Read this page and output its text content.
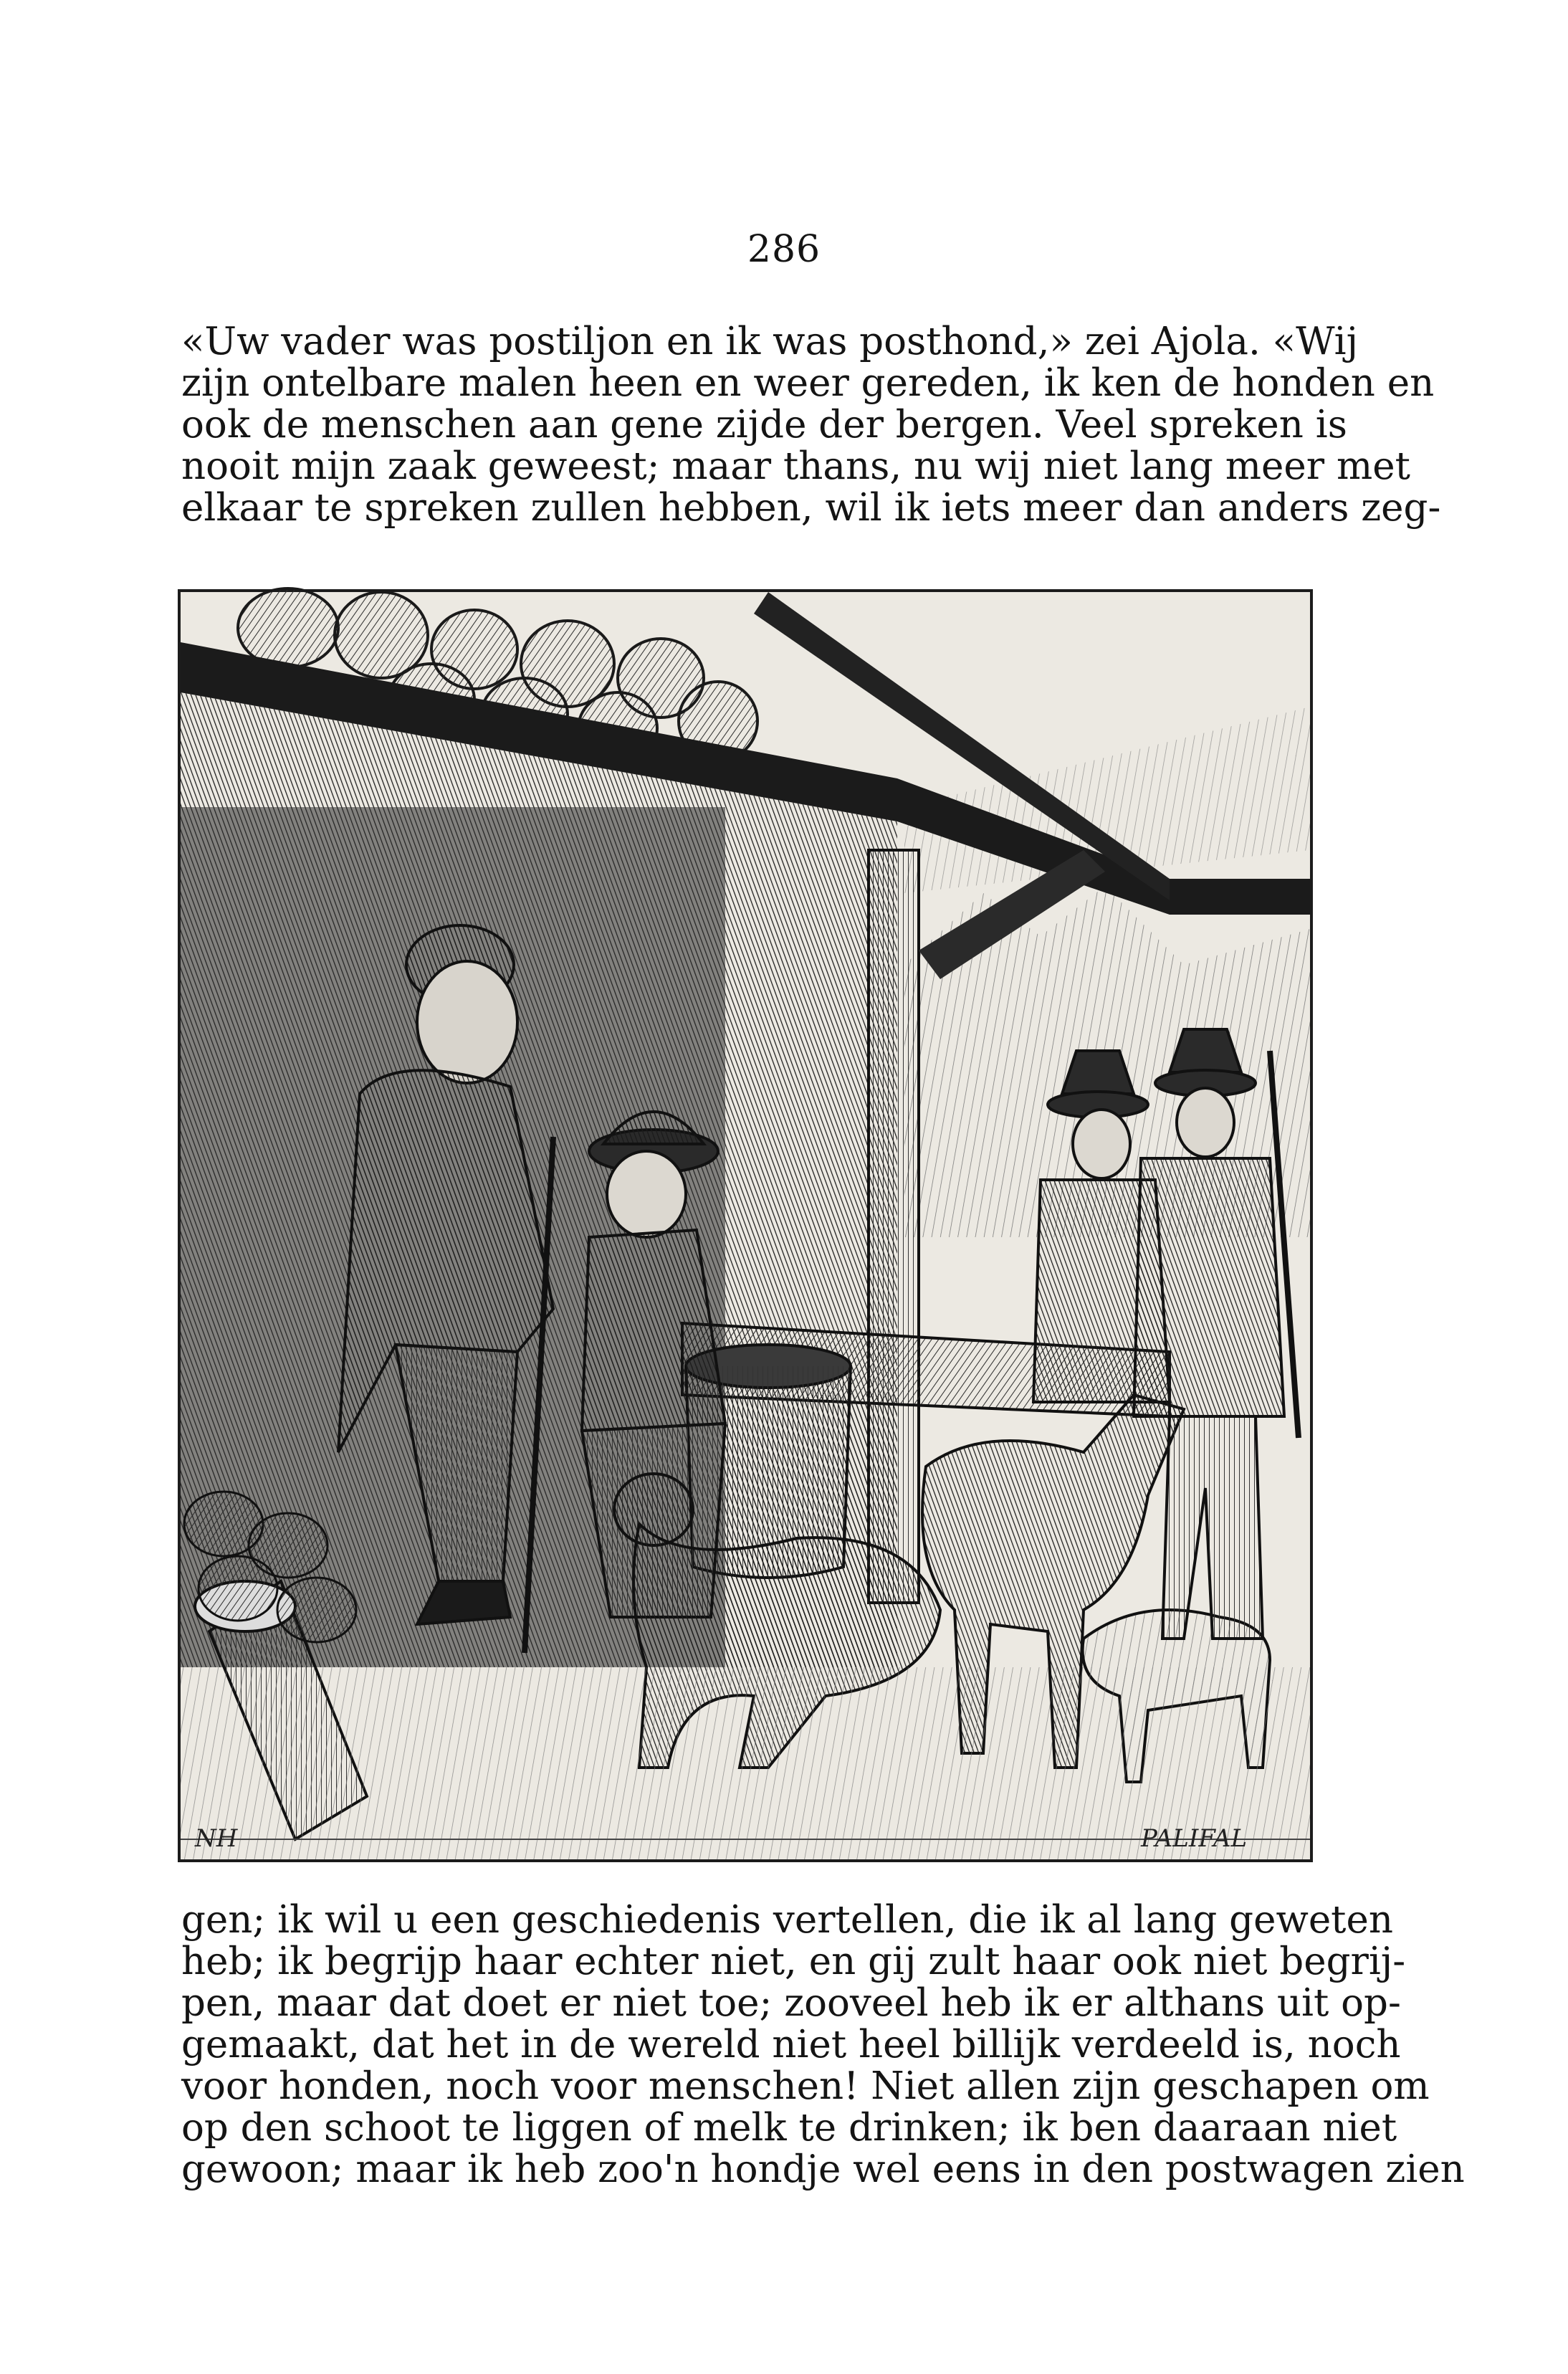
286
«Uw vader was postiljon en ik was posthond,» zei Ajola. «Wij
zijn ontelbare malen heen en weer gereden, ik ken de honden en
ook de menschen aan gene zijde der bergen. Veel spreken is
nooit mijn zaak geweest; maar thans, nu wij niet lang meer met
elkaar te spreken zullen hebben, wil ik iets meer dan anders zeg-
NH	PALIFAL
gen; ik wil u een geschiedenis vertellen, die ik al lang geweten
heb; ik begrijp haar echter niet, en gij zult haar ook niet begrij-
pen, maar dat doet er niet toe; zooveel heb ik er althans uit op-
gemaakt, dat het in de wereld niet heel billijk verdeeld is, noch
voor honden, noch voor menschen! Niet allen zijn geschapen om
op den schoot te liggen of melk te drinken; ik ben daaraan niet
gewoon; maar ik heb zoo'n hondje wel eens in den postwagen zien
